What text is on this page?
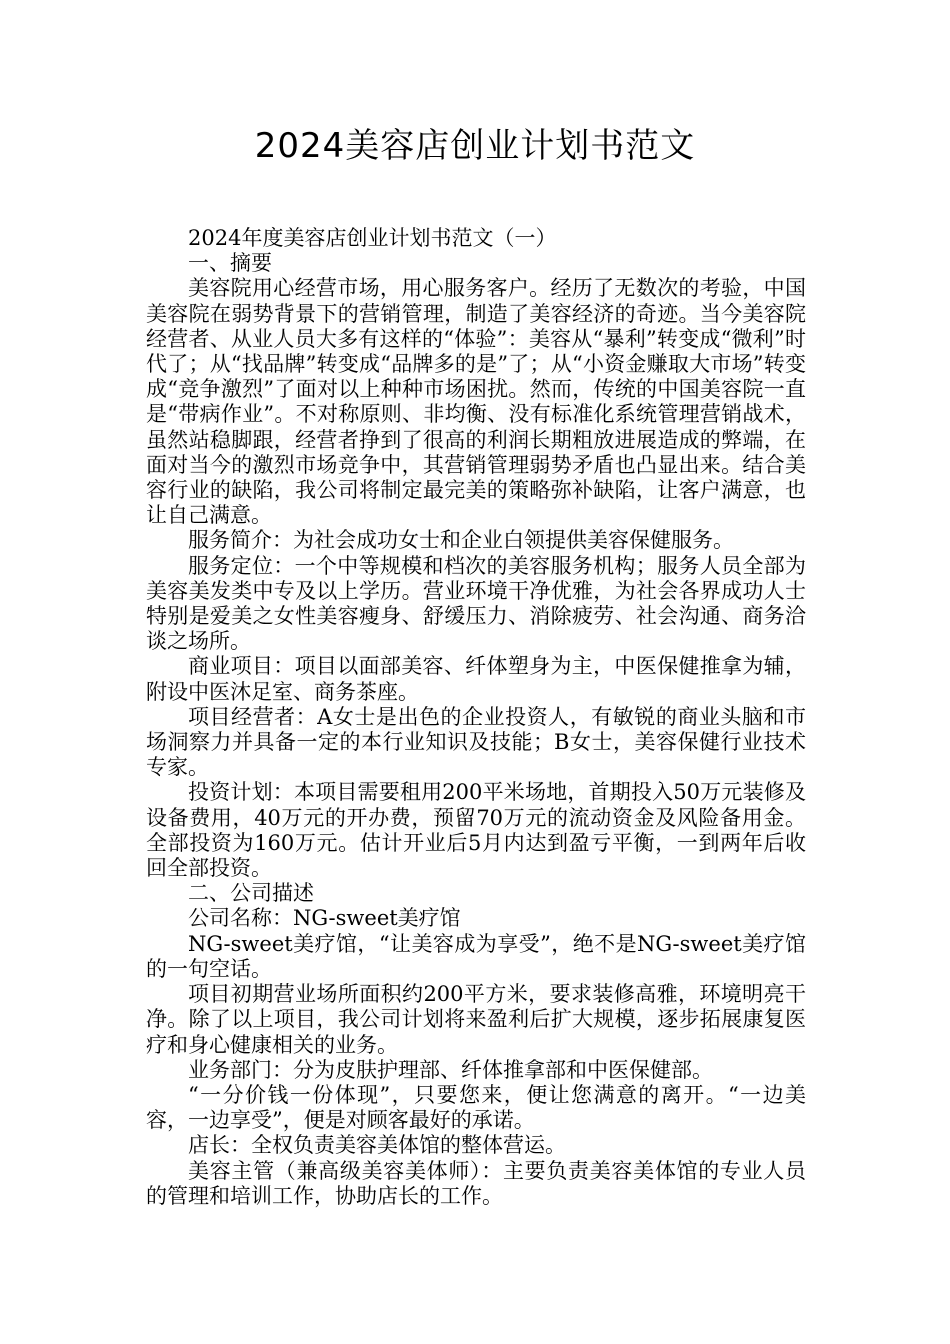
2024美容店创业计划书范文

2024年度美容店创业计划书范文（一）

一、摘要

美容院用心经营市场，用心服务客户。经历了无数次的考验，中国美容院在弱势背景下的营销管理，制造了美容经济的奇迹。当今美容院经营者、从业人员大多有这样的“体验”：美容从“暴利”转变成“微利”时代了；从“找品牌”转变成“品牌多的是”了；从“小资金赚取大市场”转变成“竞争激烈”了面对以上种种市场困扰。然而，传统的中国美容院一直是“带病作业”。不对称原则、非均衡、没有标准化系统管理营销战术，虽然站稳脚跟，经营者挣到了很高的利润长期粗放进展造成的弊端，在面对当今的激烈市场竞争中，其营销管理弱势矛盾也凸显出来。结合美容行业的缺陷，我公司将制定最完美的策略弥补缺陷，让客户满意，也让自己满意。

服务简介：为社会成功女士和企业白领提供美容保健服务。

服务定位：一个中等规模和档次的美容服务机构；服务人员全部为美容美发类中专及以上学历。营业环境干净优雅，为社会各界成功人士特别是爱美之女性美容瘦身、舒缓压力、消除疲劳、社会沟通、商务洽谈之场所。

商业项目：项目以面部美容、纤体塑身为主，中医保健推拿为辅，附设中医沐足室、商务茶座。

项目经营者：A女士是出色的企业投资人，有敏锐的商业头脑和市场洞察力并具备一定的本行业知识及技能；B女士，美容保健行业技术专家。

投资计划：本项目需要租用200平米场地，首期投入50万元装修及设备费用，40万元的开办费，预留70万元的流动资金及风险备用金。全部投资为160万元。估计开业后5月内达到盈亏平衡，一到两年后收回全部投资。

二、公司描述

公司名称：NG-sweet美疗馆

NG-sweet美疗馆，“让美容成为享受”，绝不是NG-sweet美疗馆的一句空话。

项目初期营业场所面积约200平方米，要求装修高雅，环境明亮干净。除了以上项目，我公司计划将来盈利后扩大规模，逐步拓展康复医疗和身心健康相关的业务。

业务部门：分为皮肤护理部、纤体推拿部和中医保健部。

“一分价钱一份体现”，只要您来，便让您满意的离开。“一边美容，一边享受”，便是对顾客最好的承诺。

店长：全权负责美容美体馆的整体营运。

美容主管（兼高级美容美体师）：主要负责美容美体馆的专业人员的管理和培训工作，协助店长的工作。
